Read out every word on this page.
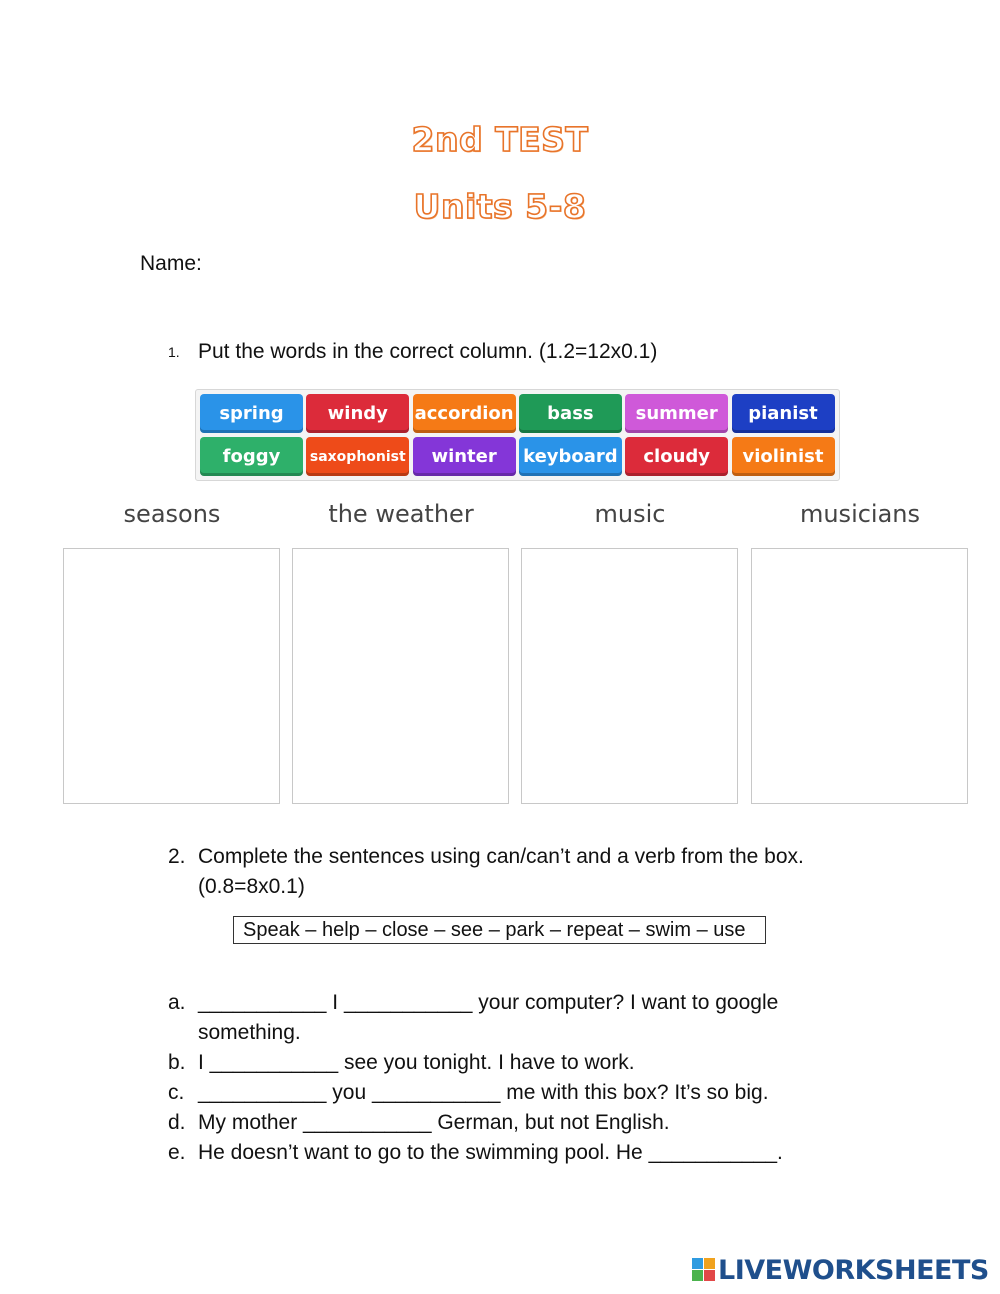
2nd TEST
Units 5-8
Name:
1. Put the words in the correct column. (1.2=12x0.1)
spring	windy	accordion	bass	summer	pianist
foggy	saxophonist	winter	keyboard	cloudy	violinist
seasons	the weather	music	musicians
2. Complete the sentences using can/can’t and a verb from the box. (0.8=8x0.1)
Speak – help – close – see – park – repeat – swim – use
a. ___________ I ___________ your computer? I want to google something.
b. I ___________ see you tonight. I have to work.
c. ___________ you ___________ me with this box? It’s so big.
d. My mother ___________ German, but not English.
e. He doesn’t want to go to the swimming pool. He ___________.
LIVEWORKSHEETS
